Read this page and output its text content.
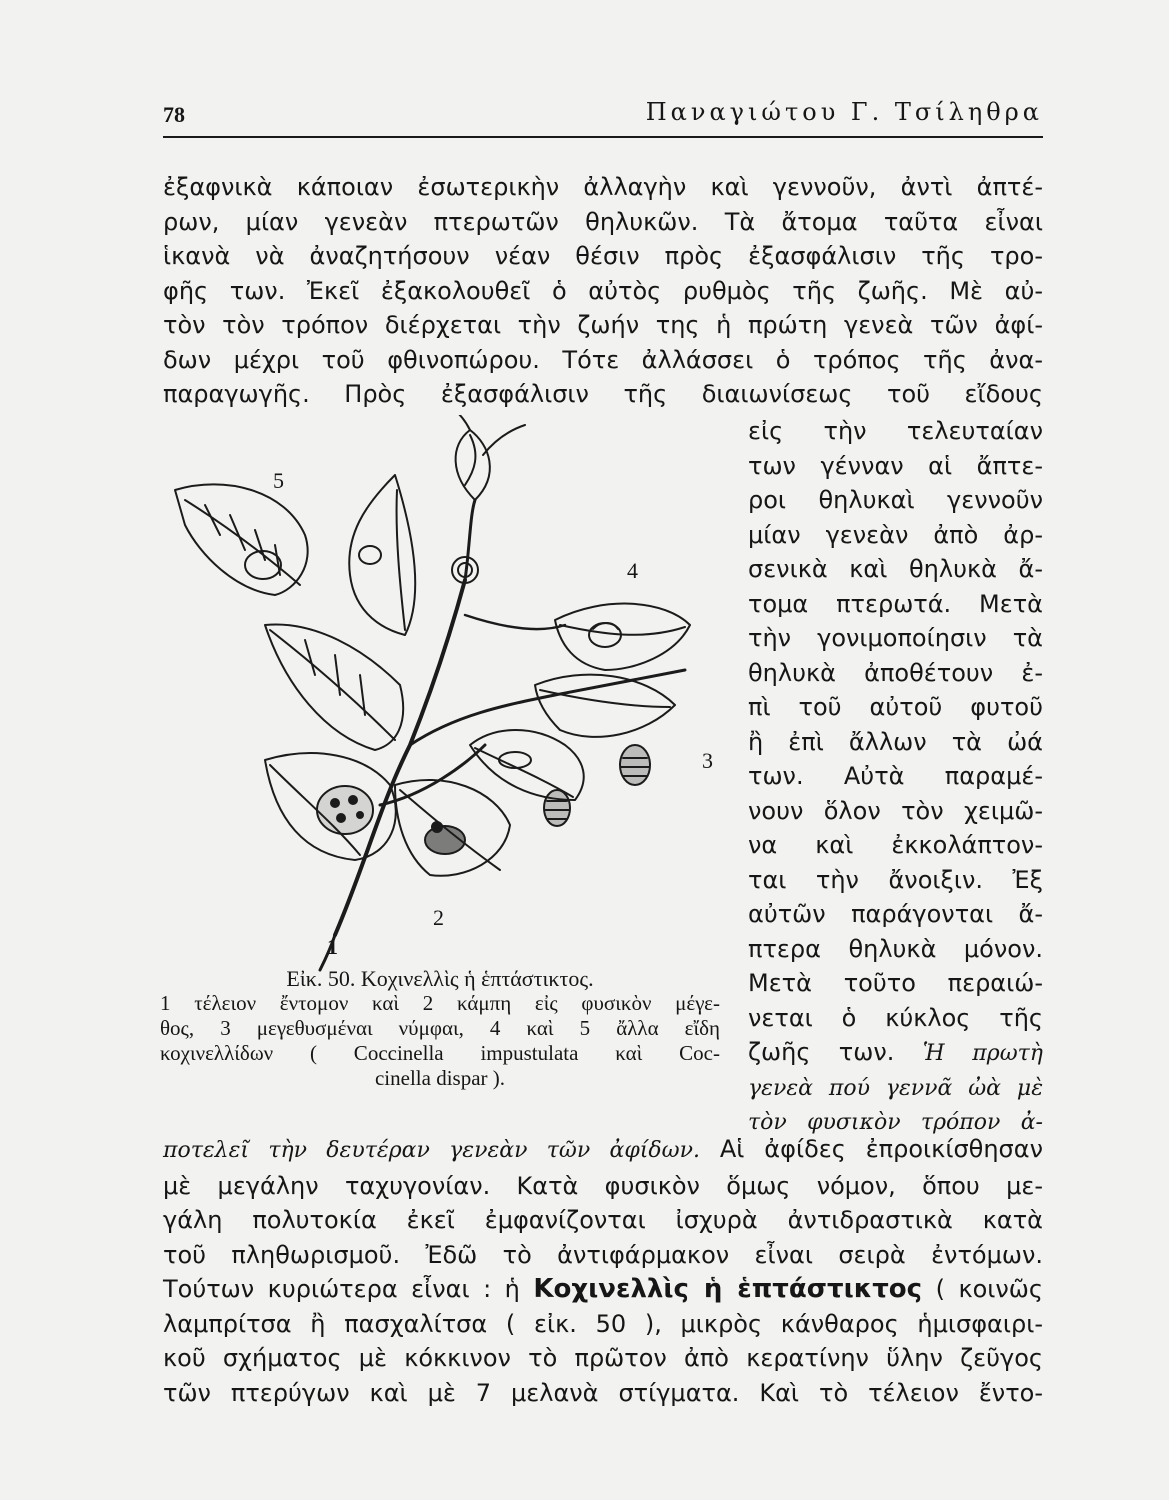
78	Παναγιώτου Γ. Τσίληθρα
ἐξαφνικὰ κάποιαν ἐσωτερικὴν ἀλλαγὴν καὶ γεννοῦν, ἀντὶ ἀπτέ-
ρων, μίαν γενεὰν πτερωτῶν θηλυκῶν. Τὰ ἄτομα ταῦτα εἶναι
ἱκανὰ νὰ ἀναζητήσουν νέαν θέσιν πρὸς ἐξασφάλισιν τῆς τρο-
φῆς των. Ἐκεῖ ἐξακολουθεῖ ὁ αὐτὸς ρυθμὸς τῆς ζωῆς. Μὲ αὐ-
τὸν τὸν τρόπον διέρχεται τὴν ζωήν της ἡ πρώτη γενεὰ τῶν ἀφί-
δων μέχρι τοῦ φθινοπώρου. Τότε ἀλλάσσει ὁ τρόπος τῆς ἀνα-
παραγωγῆς. Πρὸς ἐξασφάλισιν τῆς διαιωνίσεως τοῦ εἴδους
5
4
3
2
1
Εἰκ. 50. Κοχινελλὶς ἡ ἑπτάστικτος.
1 τέλειον ἔντομον καὶ 2 κάμπη εἰς φυσικὸν μέγε-
θος, 3 μεγεθυσμέναι νύμφαι, 4 καὶ 5 ἄλλα εἴδη
κοχινελλίδων ( Coccinella impustulata καὶ Coc-
cinella dispar ).
εἰς τὴν τελευταίαν
των γένναν αἱ ἄπτε-
ροι θηλυκαὶ γεννοῦν
μίαν γενεὰν ἀπὸ ἀρ-
σενικὰ καὶ θηλυκὰ ἄ-
τομα πτερωτά. Μετὰ
τὴν γονιμοποίησιν τὰ
θηλυκὰ ἀποθέτουν ἐ-
πὶ τοῦ αὐτοῦ φυτοῦ
ἢ ἐπὶ ἄλλων τὰ ὠά
των. Αὐτὰ παραμέ-
νουν ὅλον τὸν χειμῶ-
να καὶ ἐκκολάπτον-
ται τὴν ἄνοιξιν. Ἐξ
αὐτῶν παράγονται ἄ-
πτερα θηλυκὰ μόνον.
Μετὰ τοῦτο περαιώ-
νεται ὁ κύκλος τῆς
ζωῆς των. Ἡ πρωτὴ
γενεὰ πού γεννᾶ ὠὰ μὲ
τὸν φυσικὸν τρόπον ἀ-
ποτελεῖ τὴν δευτέραν γενεὰν τῶν ἀφίδων. Αἱ ἀφίδες ἐπροικίσθησαν
μὲ μεγάλην ταχυγονίαν. Κατὰ φυσικὸν ὅμως νόμον, ὅπου με-
γάλη πολυτοκία ἐκεῖ ἐμφανίζονται ἰσχυρὰ ἀντιδραστικὰ κατὰ
τοῦ πληθωρισμοῦ. Ἐδῶ τὸ ἀντιφάρμακον εἶναι σειρὰ ἐντόμων.
Τούτων κυριώτερα εἶναι : ἡ Κοχινελλὶς ἡ ἑπτάστικτος ( κοινῶς
λαμπρίτσα ἢ πασχαλίτσα ( εἰκ. 50 ), μικρὸς κάνθαρος ἡμισφαιρι-
κοῦ σχήματος μὲ κόκκινον τὸ πρῶτον ἀπὸ κερατίνην ὕλην ζεῦγος
τῶν πτερύγων καὶ μὲ 7 μελανὰ στίγματα. Καὶ τὸ τέλειον ἔντο-
